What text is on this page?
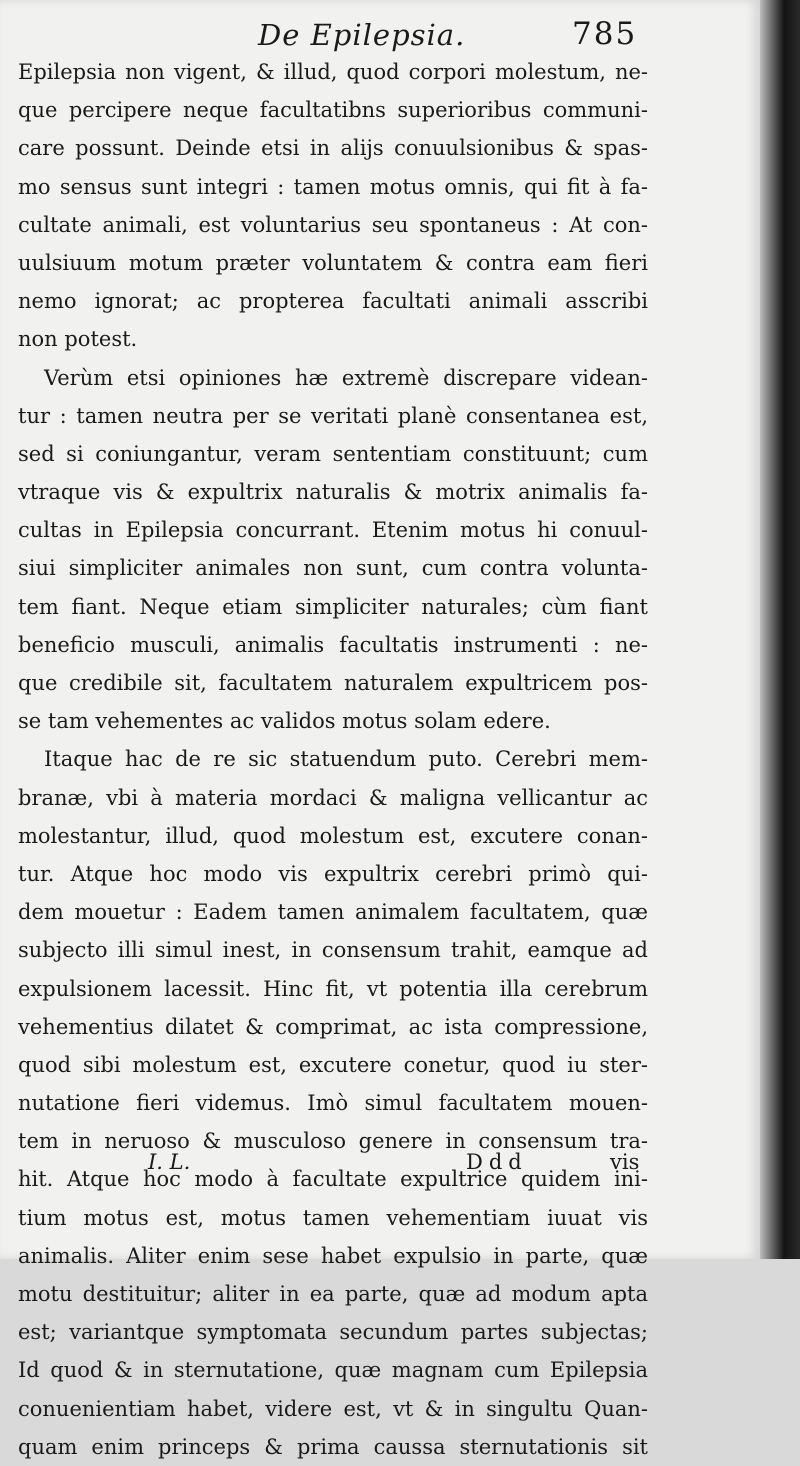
De Epilepsia.	785
Epilepsia non vigent, & illud, quod corpori molestum, ne-
que percipere neque facultatibns superioribus communi-
care possunt. Deinde etsi in alijs conuulsionibus & spas-
mo sensus sunt integri : tamen motus omnis, qui fit à fa-
cultate animali, est voluntarius seu spontaneus : At con-
uulsiuum motum præter voluntatem & contra eam fieri
nemo ignorat; ac propterea facultati animali asscribi
non potest.
Verùm etsi opiniones hæ extremè discrepare videan-
tur : tamen neutra per se veritati planè consentanea est,
sed si coniungantur, veram sententiam constituunt; cum
vtraque vis & expultrix naturalis & motrix animalis fa-
cultas in Epilepsia concurrant. Etenim motus hi conuul-
siui simpliciter animales non sunt, cum contra volunta-
tem fiant. Neque etiam simpliciter naturales; cùm fiant
beneficio musculi, animalis facultatis instrumenti : ne-
que credibile sit, facultatem naturalem expultricem pos-
se tam vehementes ac validos motus solam edere.
Itaque hac de re sic statuendum puto. Cerebri mem-
branæ, vbi à materia mordaci & maligna vellicantur ac
molestantur, illud, quod molestum est, excutere conan-
tur. Atque hoc modo vis expultrix cerebri primò qui-
dem mouetur : Eadem tamen animalem facultatem, quæ
subjecto illi simul inest, in consensum trahit, eamque ad
expulsionem lacessit. Hinc fit, vt potentia illa cerebrum
vehementius dilatet & comprimat, ac ista compressione,
quod sibi molestum est, excutere conetur, quod iu ster-
nutatione fieri videmus. Imò simul facultatem mouen-
tem in neruoso & musculoso genere in consensum tra-
hit. Atque hoc modo à facultate expultrice quidem ini-
tium motus est, motus tamen vehementiam iuuat vis
animalis. Aliter enim sese habet expulsio in parte, quæ
motu destituitur; aliter in ea parte, quæ ad modum apta
est; variantque symptomata secundum partes subjectas;
Id quod & in sternutatione, quæ magnam cum Epilepsia
conuenientiam habet, videre est, vt & in singultu Quan-
quam enim princeps & prima caussa sternutationis sit
I. L.	Ddd	vis
